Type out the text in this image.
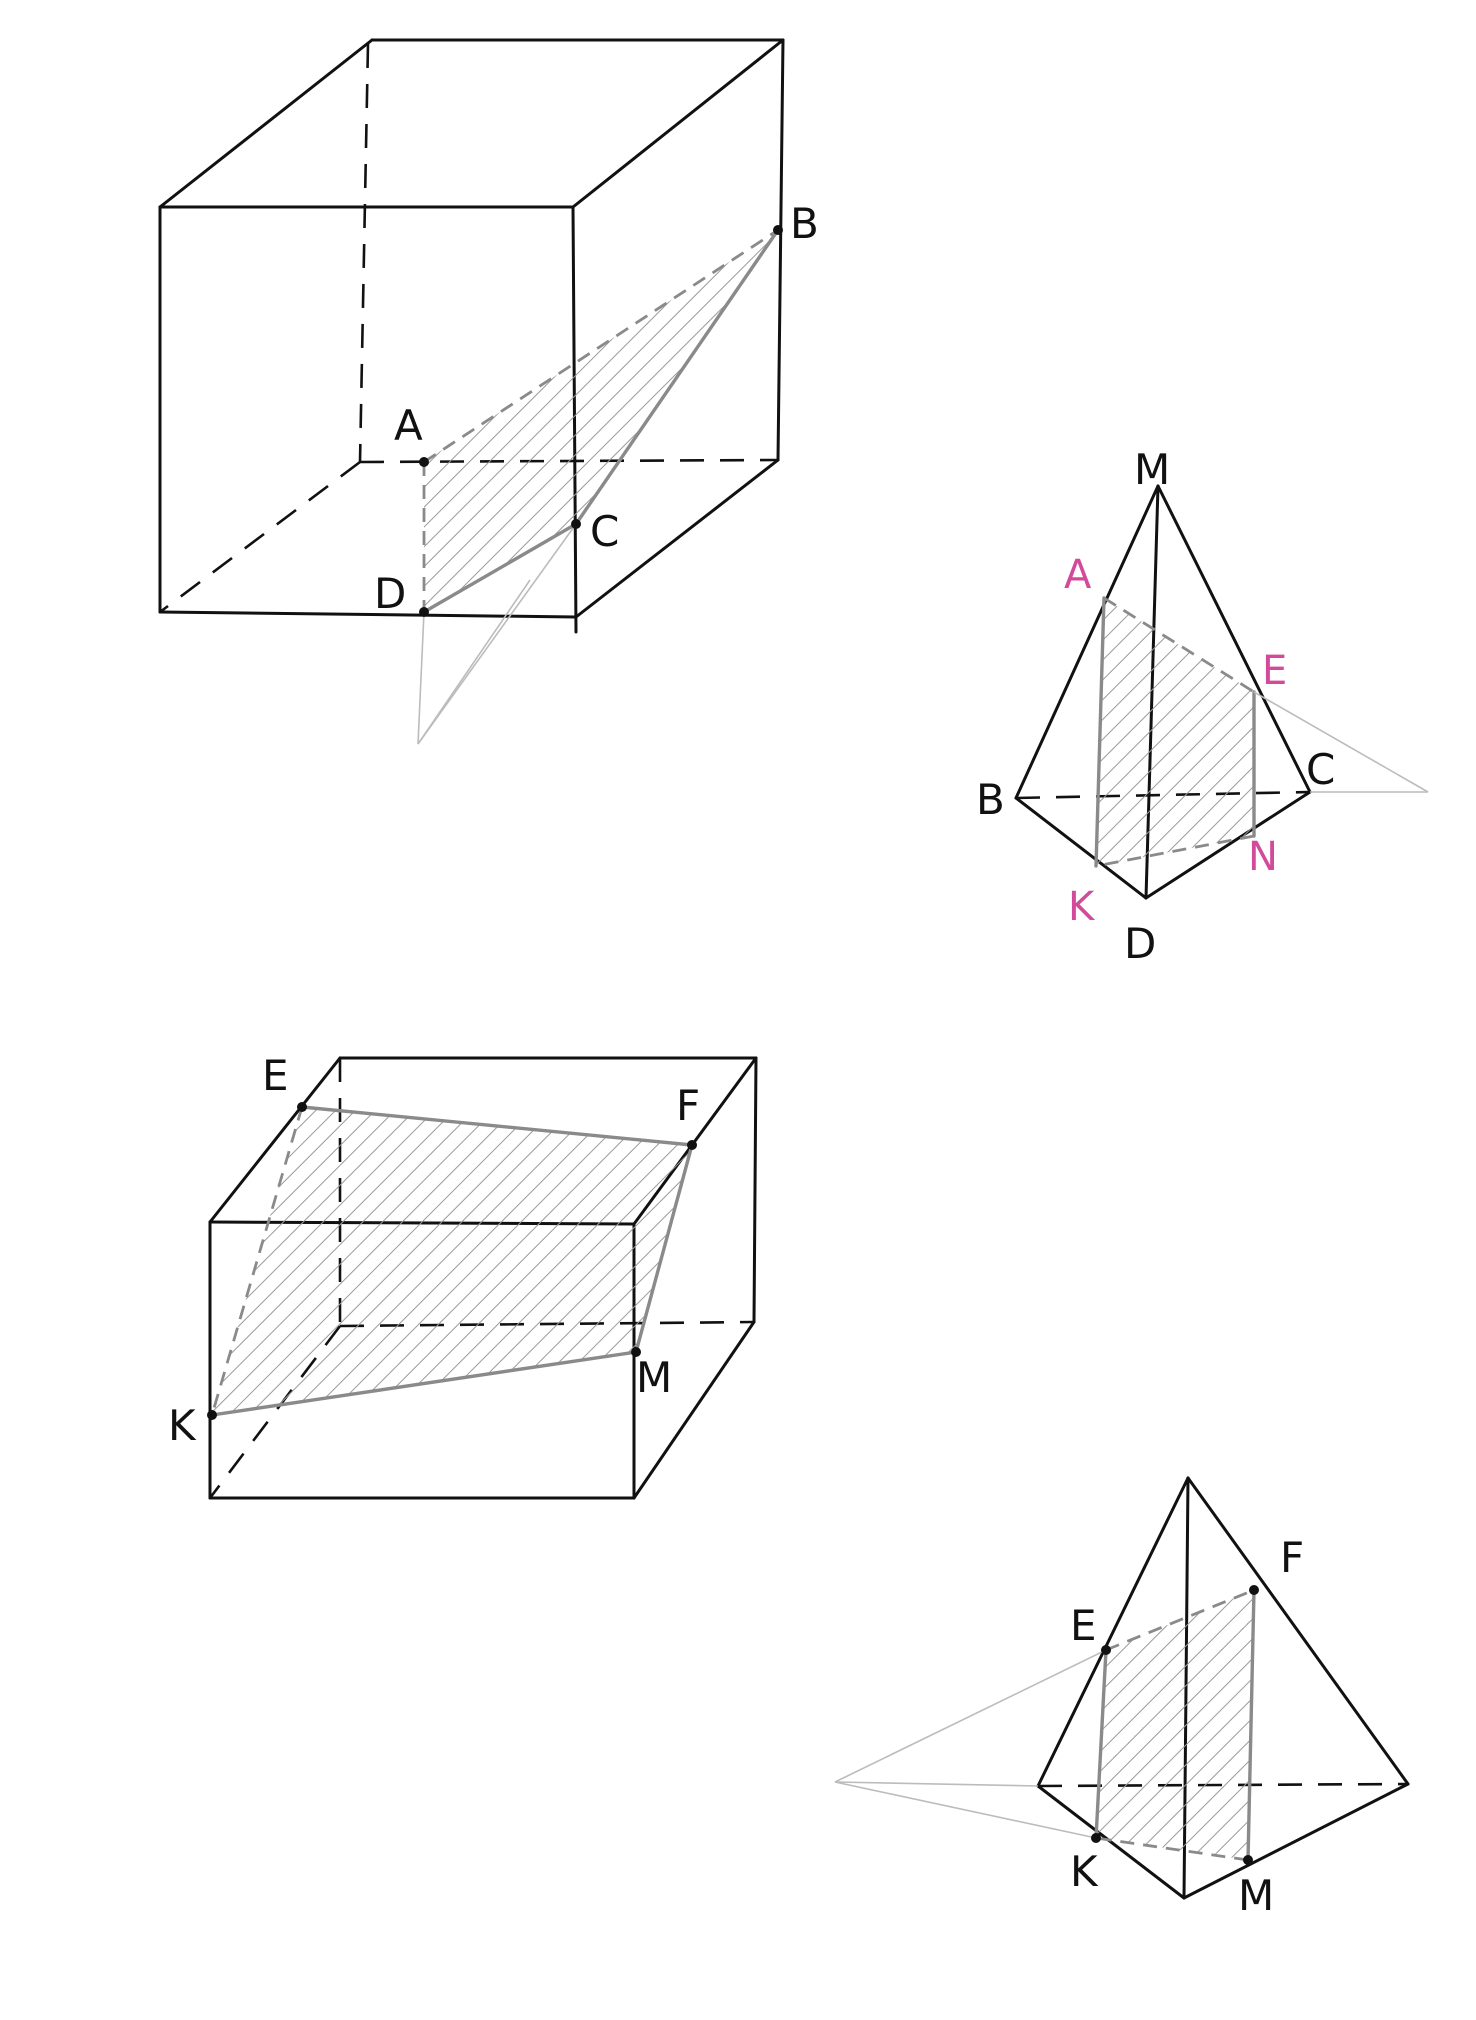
A
B
C
D
M
A
E
B
C
K
N
D
E
F
K
M
E
F
K	M
